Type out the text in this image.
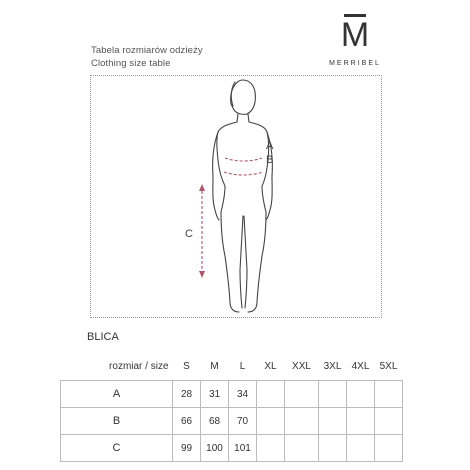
Tabela rozmiarów odzieży
Clothing size table
M
MERRIBEL
A
B
C
BLICA
rozmiar / size	S	M	L	XL	XXL	3XL	4XL	5XL
A	28	31	34					
B	66	68	70					
C	99	100	101					
